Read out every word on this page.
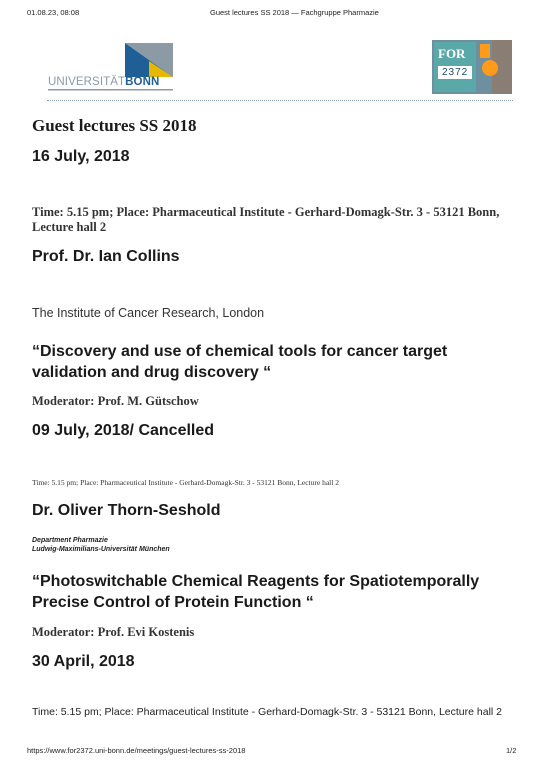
01.08.23, 08:08	Guest lectures SS 2018 — Fachgruppe Pharmazie
UNIVERSITÄTBONN
FOR
2372
Guest lectures SS 2018
16 July, 2018
Time: 5.15 pm; Place: Pharmaceutical Institute - Gerhard-Domagk-Str. 3 - 53121 Bonn, Lecture hall 2
Prof. Dr. Ian Collins
The Institute of Cancer Research, London
“Discovery and use of chemical tools for cancer target validation and drug discovery “
Moderator: Prof. M. Gütschow
09 July, 2018/ Cancelled
Time: 5.15 pm; Place: Pharmaceutical Institute - Gerhard-Domagk-Str. 3 - 53121 Bonn, Lecture hall 2
Dr. Oliver Thorn-Seshold
Department Pharmazie
Ludwig-Maximilians-Universität München
“Photoswitchable Chemical Reagents for Spatiotemporally Precise Control of Protein Function “
Moderator: Prof. Evi Kostenis
30 April, 2018
Time: 5.15 pm; Place: Pharmaceutical Institute - Gerhard-Domagk-Str. 3 - 53121 Bonn, Lecture hall 2
https://www.for2372.uni-bonn.de/meetings/guest-lectures-ss-2018	1/2
